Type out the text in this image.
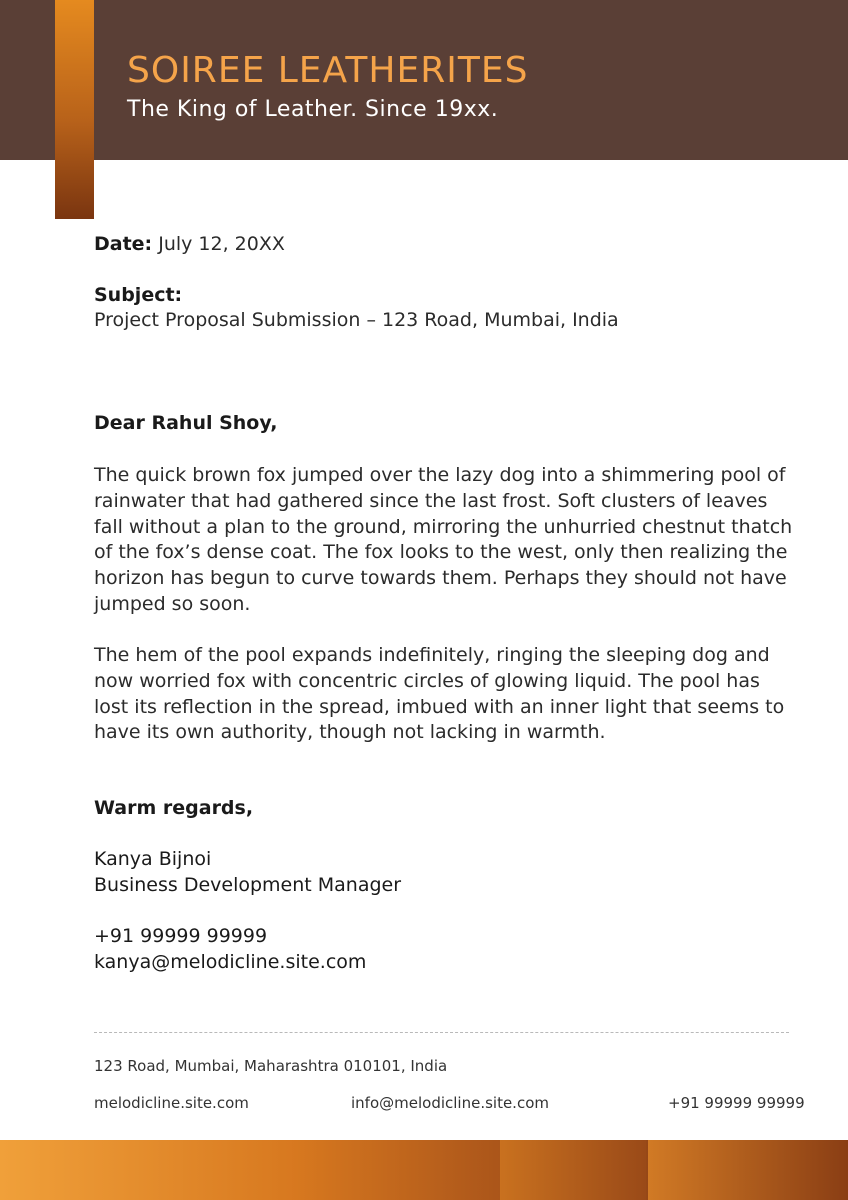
SOIREE LEATHERITES
The King of Leather. Since 19xx.
Date: July 12, 20XX
Subject:
Project Proposal Submission – 123 Road, Mumbai, India
Dear Rahul Shoy,

The quick brown fox jumped over the lazy dog into a shimmering pool of rainwater that had gathered since the last frost. Soft clusters of leaves fall without a plan to the ground, mirroring the unhurried chestnut thatch of the fox’s dense coat. The fox looks to the west, only then realizing the horizon has begun to curve towards them. Perhaps they should not have jumped so soon.

The hem of the pool expands indefinitely, ringing the sleeping dog and now worried fox with concentric circles of glowing liquid. The pool has lost its reflection in the spread, imbued with an inner light that seems to have its own authority, though not lacking in warmth.

Warm regards,
Kanya Bijnoi
Business Development Manager
+91 99999 99999
kanya@melodicline.site.com
123 Road, Mumbai, Maharashtra 010101, India
melodicline.site.com	info@melodicline.site.com	+91 99999 99999
